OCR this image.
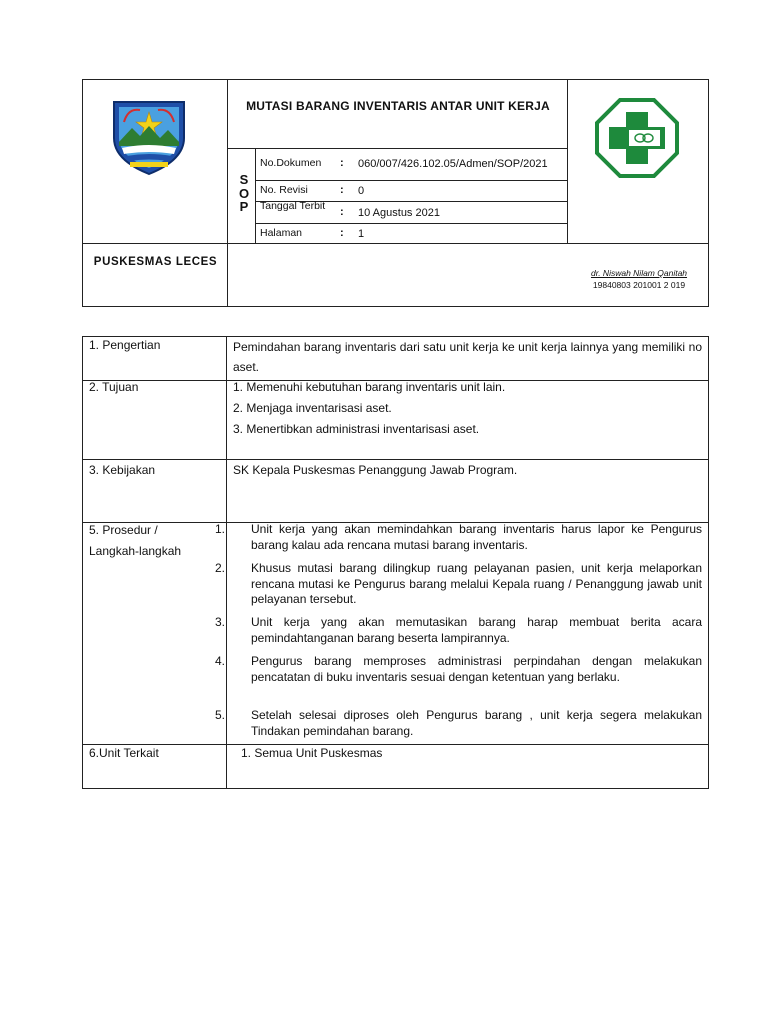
MUTASI BARANG INVENTARIS ANTAR UNIT KERJA
S
O
P
No.Dokumen : 060/007/426.102.05/Admen/SOP/2021
No. Revisi	: 0
Tanggal Terbit	: 10 Agustus 2021
Halaman	: 1
PUSKESMAS LECES
dr. Niswah Nilam Qanitah
19840803 201001 2 019
1. Pengertian	Pemindahan barang inventaris dari satu unit kerja ke unit kerja lainnya yang memiliki no aset.
2. Tujuan	1. Memenuhi kebutuhan barang inventaris unit lain.
2. Menjaga inventarisasi aset.
3. Menertibkan administrasi inventarisasi aset.
3. Kebijakan	SK Kepala Puskesmas Penanggung Jawab Program.
5. Prosedur /
Langkah-langkah
1. Unit kerja yang akan memindahkan barang inventaris harus lapor ke Pengurus barang kalau ada rencana mutasi barang inventaris.
2. Khusus mutasi barang dilingkup ruang pelayanan pasien, unit kerja melaporkan rencana mutasi ke Pengurus barang melalui Kepala ruang / Penanggung jawab unit pelayanan tersebut.
3. Unit kerja yang akan memutasikan barang harap membuat berita acara pemindahtanganan barang beserta lampirannya.
4. Pengurus barang memproses administrasi perpindahan dengan melakukan pencatatan di buku inventaris sesuai dengan ketentuan yang berlaku.
5. Setelah selesai diproses oleh Pengurus barang , unit kerja segera melakukan Tindakan pemindahan barang.
6.Unit Terkait	1. Semua Unit Puskesmas
